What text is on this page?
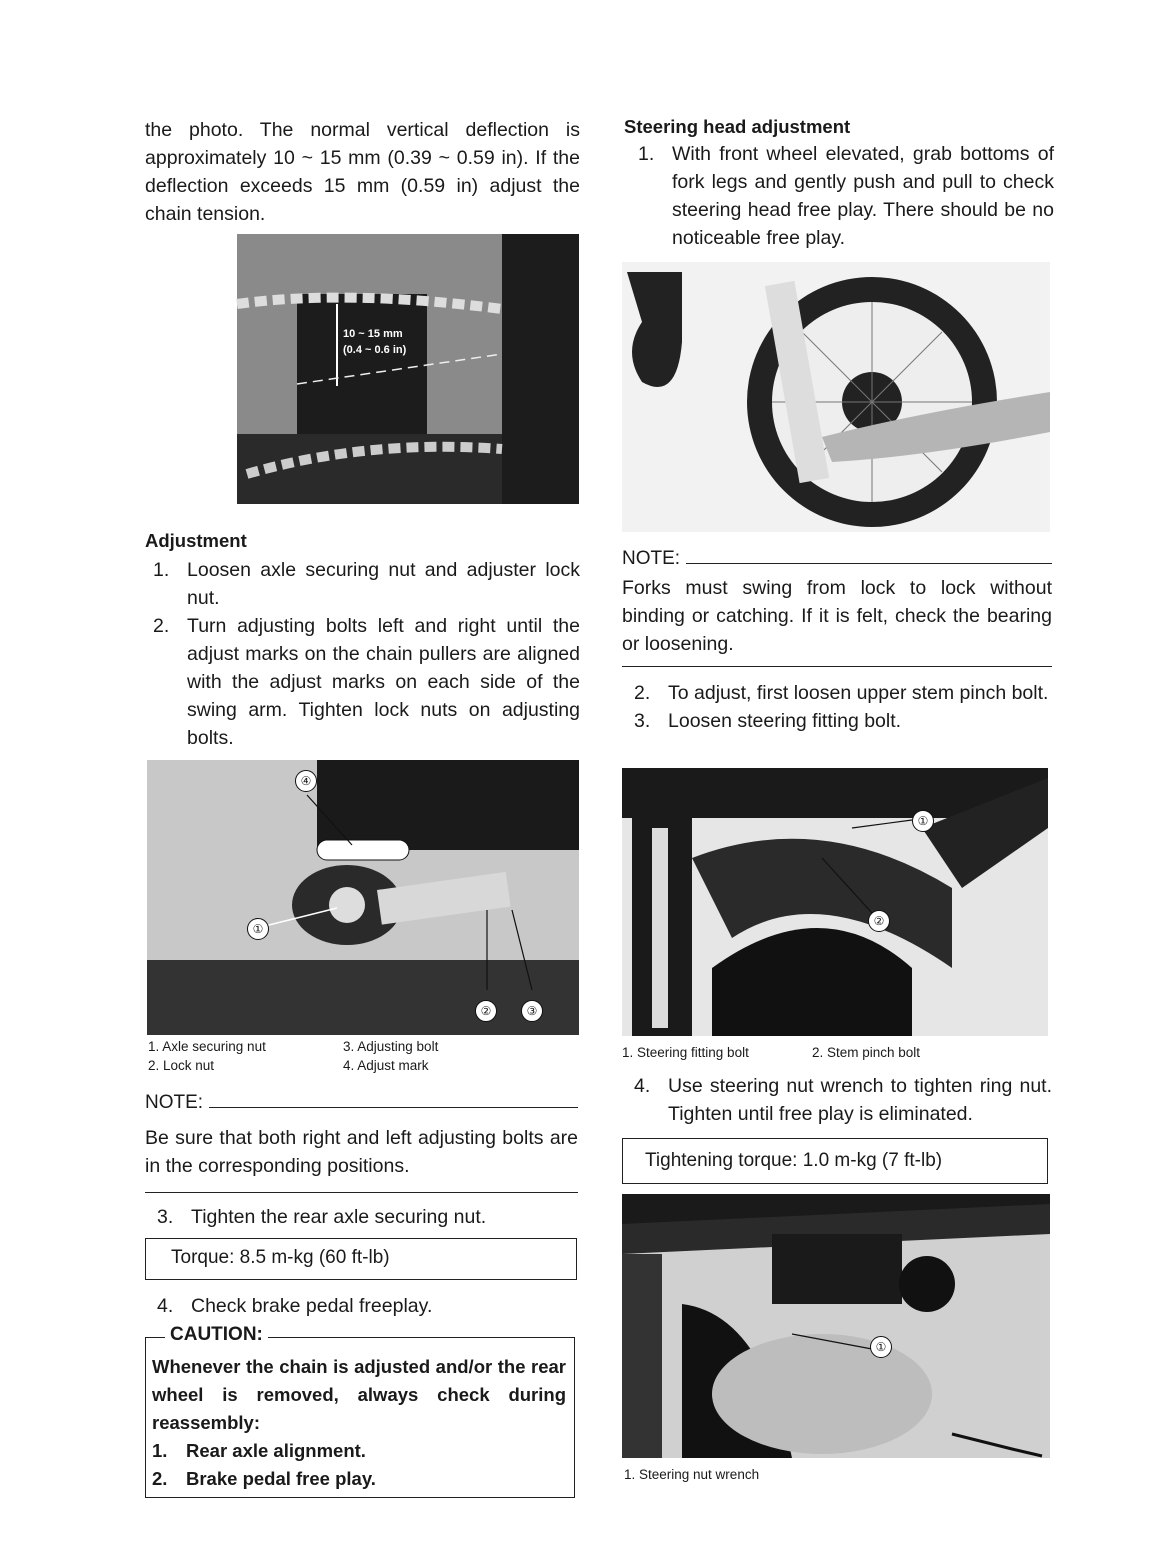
the photo. The normal vertical deflection is approximately 10 ~ 15 mm (0.39 ~ 0.59 in). If the deflection exceeds 15 mm (0.59 in) adjust the chain tension.

10 ~ 15 mm
(0.4 ~ 0.6 in)

Adjustment

1. Loosen axle securing nut and adjuster lock nut.
2. Turn adjusting bolts left and right until the adjust marks on the chain pullers are aligned with the adjust marks on each side of the swing arm. Tighten lock nuts on adjusting bolts.
④
①
②	③
1. Axle securing nut
2. Lock nut
3. Adjusting bolt
4. Adjust mark
NOTE:

Be sure that both right and left adjusting bolts are in the corresponding positions.

3. Tighten the rear axle securing nut.
Torque: 8.5 m-kg (60 ft-lb)
4. Check brake pedal freeplay.
CAUTION:

Whenever the chain is adjusted and/or the rear wheel is removed, always check during reassembly:

1.	Rear axle alignment.
2.	Brake pedal free play.

Steering head adjustment

1. With front wheel elevated, grab bottoms of fork legs and gently push and pull to check steering head free play. There should be no noticeable free play.
NOTE:

Forks must swing from lock to lock without binding or catching. If it is felt, check the bearing or loosening.

2. To adjust, first loosen upper stem pinch bolt.
3. Loosen steering fitting bolt.
①
②
1. Steering fitting bolt	2. Stem pinch bolt
4. Use steering nut wrench to tighten ring nut. Tighten until free play is eliminated.
Tightening torque: 1.0 m-kg (7 ft-lb)
①
1. Steering nut wrench
